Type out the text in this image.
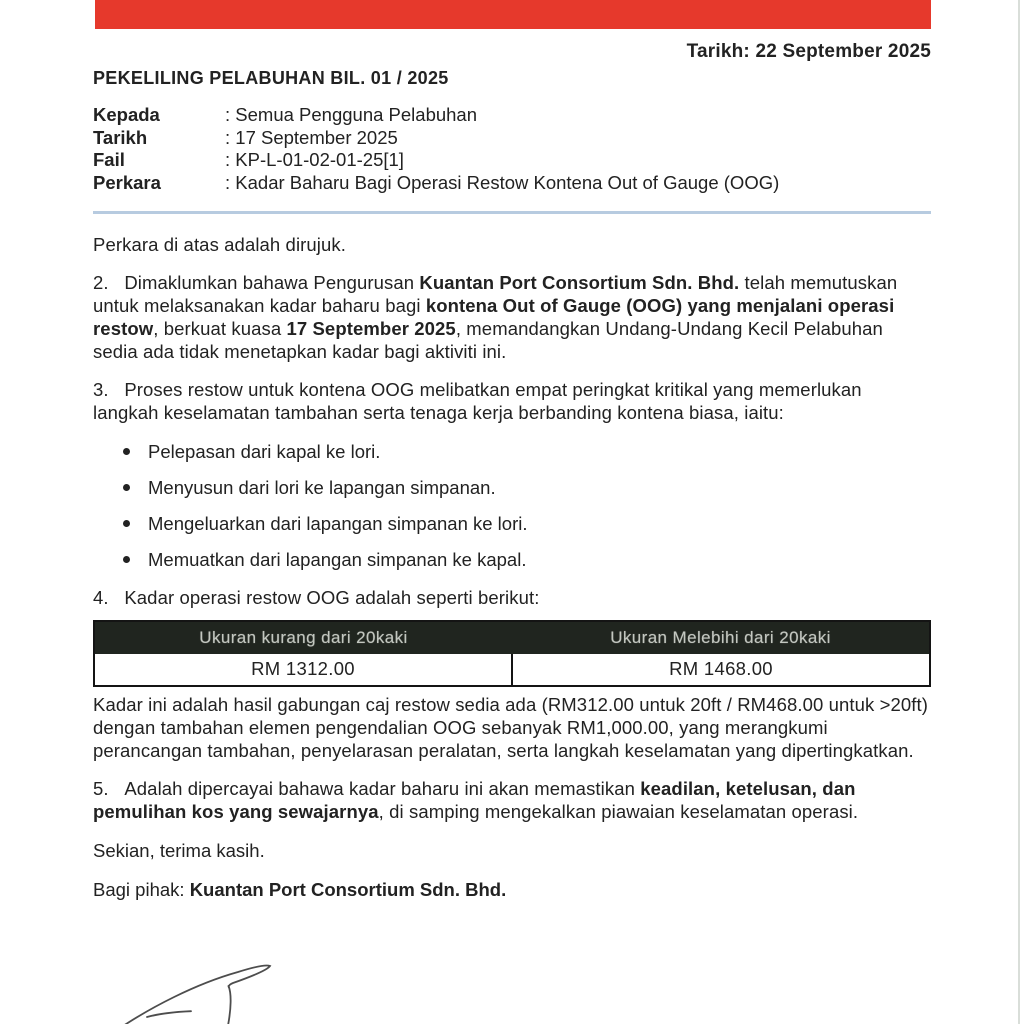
Tarikh: 22 September 2025
PEKELILING PELABUHAN BIL. 01 / 2025
Kepada	: Semua Pengguna Pelabuhan
Tarikh	: 17 September 2025
Fail	: KP-L-01-02-01-25[1]
Perkara	: Kadar Baharu Bagi Operasi Restow Kontena Out of Gauge (OOG)

Perkara di atas adalah dirujuk.

2.   Dimaklumkan bahawa Pengurusan Kuantan Port Consortium Sdn. Bhd. telah memutuskan untuk melaksanakan kadar baharu bagi kontena Out of Gauge (OOG) yang menjalani operasi restow, berkuat kuasa 17 September 2025, memandangkan Undang-Undang Kecil Pelabuhan sedia ada tidak menetapkan kadar bagi aktiviti ini.

3.   Proses restow untuk kontena OOG melibatkan empat peringkat kritikal yang memerlukan langkah keselamatan tambahan serta tenaga kerja berbanding kontena biasa, iaitu:

Pelepasan dari kapal ke lori.
Menyusun dari lori ke lapangan simpanan.
Mengeluarkan dari lapangan simpanan ke lori.
Memuatkan dari lapangan simpanan ke kapal.

4.   Kadar operasi restow OOG adalah seperti berikut:

Ukuran kurang dari 20kaki	Ukuran Melebihi dari 20kaki
RM 1312.00	RM 1468.00

Kadar ini adalah hasil gabungan caj restow sedia ada (RM312.00 untuk 20ft / RM468.00 untuk >20ft) dengan tambahan elemen pengendalian OOG sebanyak RM1,000.00, yang merangkumi perancangan tambahan, penyelarasan peralatan, serta langkah keselamatan yang dipertingkatkan.

5.   Adalah dipercayai bahawa kadar baharu ini akan memastikan keadilan, ketelusan, dan pemulihan kos yang sewajarnya, di samping mengekalkan piawaian keselamatan operasi.

Sekian, terima kasih.

Bagi pihak: Kuantan Port Consortium Sdn. Bhd.
